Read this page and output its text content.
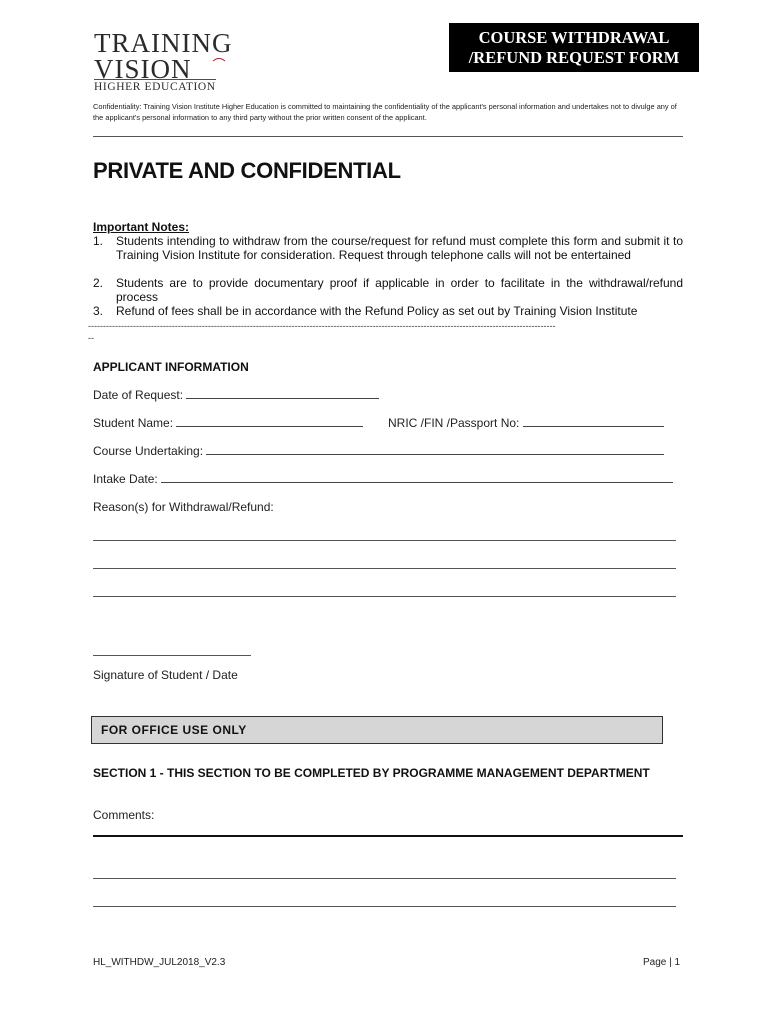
TRAINING
VISION
HIGHER EDUCATION
COURSE WITHDRAWAL
/REFUND REQUEST FORM
Confidentiality: Training Vision Institute Higher Education is committed to maintaining the confidentiality of the applicant's personal information and undertakes not to divulge any of the applicant's personal information to any third party without the prior written consent of the applicant.
PRIVATE AND CONFIDENTIAL
Important Notes:
1. Students intending to withdraw from the course/request for refund must complete this form and submit it to Training Vision Institute for consideration. Request through telephone calls will not be entertained
2. Students are to provide documentary proof if applicable in order to facilitate in the withdrawal/refund process
3. Refund of fees shall be in accordance with the Refund Policy as set out by Training Vision Institute
------------------------------------------------------------------------------------------------------------------------------------------------------------
--
APPLICANT INFORMATION
Date of Request:
Student Name:	NRIC /FIN /Passport No:
Course Undertaking:
Intake Date:
Reason(s) for Withdrawal/Refund:
Signature of Student / Date
FOR OFFICE USE ONLY
SECTION 1 - THIS SECTION TO BE COMPLETED BY PROGRAMME MANAGEMENT DEPARTMENT
Comments:
HL_WITHDW_JUL2018_V2.3	Page | 1
